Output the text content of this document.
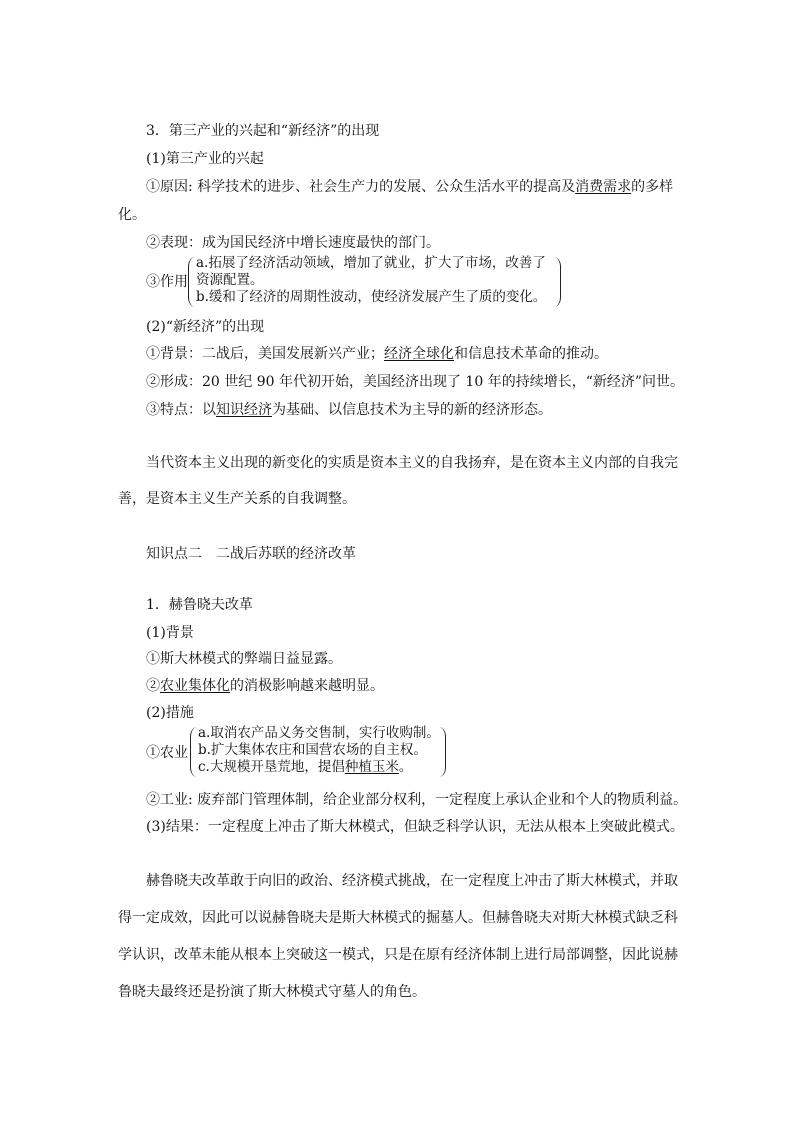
3．第三产业的兴起和“新经济”的出现
(1)第三产业的兴起
①原因: 科学技术的进步、社会生产力的发展、公众生活水平的提高及消费需求的多样
化。
②表现：成为国民经济中增长速度最快的部门。
③作用
a.拓展了经济活动领域，增加了就业，扩大了市场，改善了
资源配置。
b.缓和了经济的周期性波动，使经济发展产生了质的变化。
(2)“新经济”的出现
①背景：二战后，美国发展新兴产业；经济全球化和信息技术革命的推动。
②形成：20 世纪 90 年代初开始，美国经济出现了 10 年的持续增长，“新经济”问世。
③特点：以知识经济为基础、以信息技术为主导的新的经济形态。
当代资本主义出现的新变化的实质是资本主义的自我扬弃，是在资本主义内部的自我完
善，是资本主义生产关系的自我调整。
知识点二　二战后苏联的经济改革
1．赫鲁晓夫改革
(1)背景
①斯大林模式的弊端日益显露。
②农业集体化的消极影响越来越明显。
(2)措施
①农业
a.取消农产品义务交售制，实行收购制。
b.扩大集体农庄和国营农场的自主权。
c.大规模开垦荒地，提倡种植玉米。
②工业: 废弃部门管理体制，给企业部分权利，一定程度上承认企业和个人的物质利益。
(3)结果：一定程度上冲击了斯大林模式，但缺乏科学认识，无法从根本上突破此模式。
赫鲁晓夫改革敢于向旧的政治、经济模式挑战，在一定程度上冲击了斯大林模式，并取
得一定成效，因此可以说赫鲁晓夫是斯大林模式的掘墓人。但赫鲁晓夫对斯大林模式缺乏科
学认识，改革未能从根本上突破这一模式，只是在原有经济体制上进行局部调整，因此说赫
鲁晓夫最终还是扮演了斯大林模式守墓人的角色。
